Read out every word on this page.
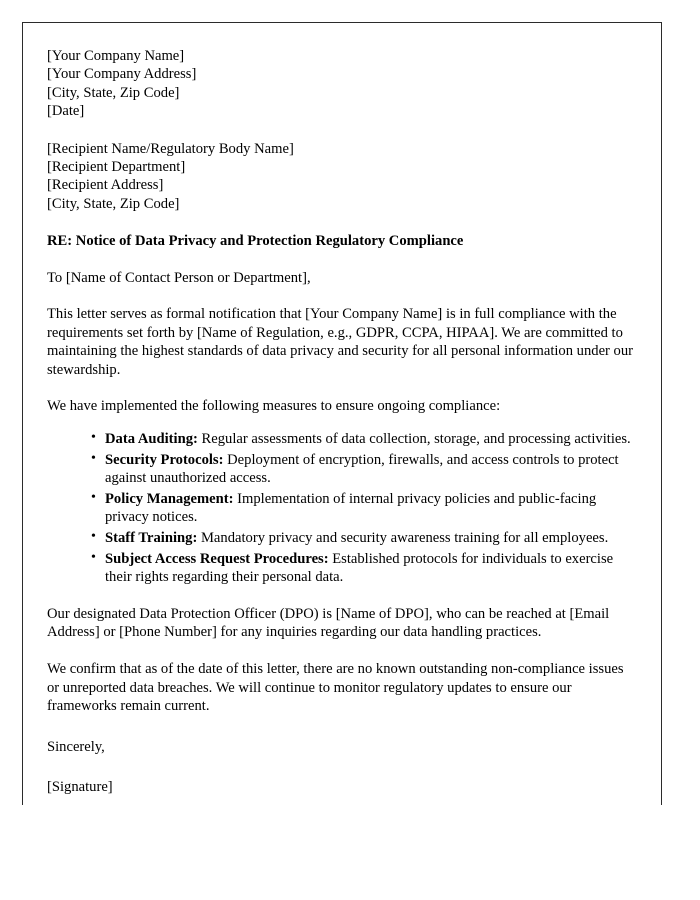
[Your Company Name]
[Your Company Address]
[City, State, Zip Code]
[Date]
[Recipient Name/Regulatory Body Name]
[Recipient Department]
[Recipient Address]
[City, State, Zip Code]
RE: Notice of Data Privacy and Protection Regulatory Compliance
To [Name of Contact Person or Department],

This letter serves as formal notification that [Your Company Name] is in full compliance with the requirements set forth by [Name of Regulation, e.g., GDPR, CCPA, HIPAA]. We are committed to maintaining the highest standards of data privacy and security for all personal information under our stewardship.

We have implemented the following measures to ensure ongoing compliance:

• Data Auditing: Regular assessments of data collection, storage, and processing activities.
• Security Protocols: Deployment of encryption, firewalls, and access controls to protect against unauthorized access.
• Policy Management: Implementation of internal privacy policies and public-facing privacy notices.
• Staff Training: Mandatory privacy and security awareness training for all employees.
• Subject Access Request Procedures: Established protocols for individuals to exercise their rights regarding their personal data.

Our designated Data Protection Officer (DPO) is [Name of DPO], who can be reached at [Email Address] or [Phone Number] for any inquiries regarding our data handling practices.

We confirm that as of the date of this letter, there are no known outstanding non-compliance issues or unreported data breaches. We will continue to monitor regulatory updates to ensure our frameworks remain current.

Sincerely,
[Signature]
